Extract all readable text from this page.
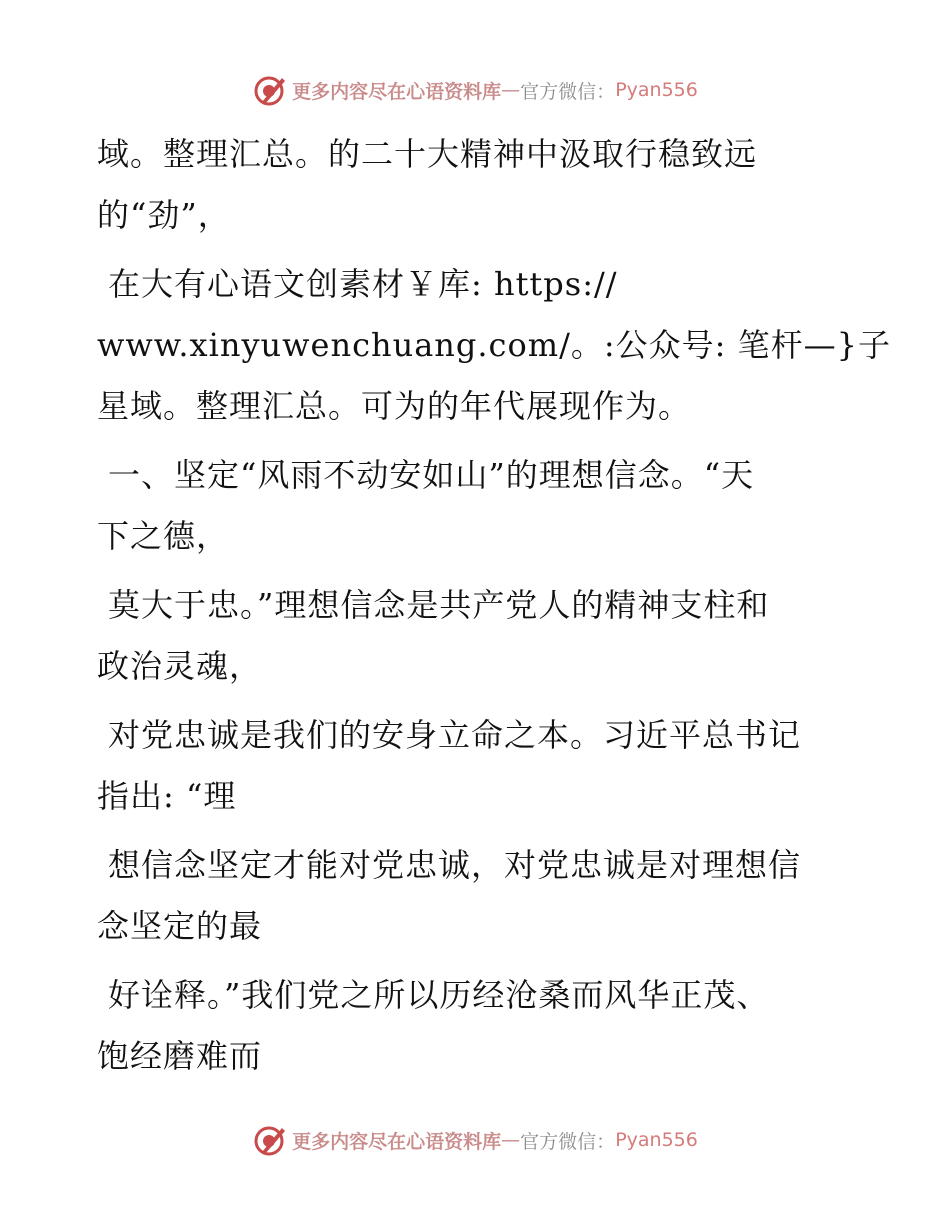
更多内容尽在心语资料库 — 官方微信： Pyan556
域。整理汇总。的二十大精神中汲取行稳致远
的“劲”，
在大有心语文创素材￥库: https://
www.xinyuwenchuang.com/。:公众号: 笔杆—}子
星域。整理汇总。可为的年代展现作为。
一、坚定“风雨不动安如山”的理想信念。“天
下之德，
莫大于忠。”理想信念是共产党人的精神支柱和
政治灵魂，
对党忠诚是我们的安身立命之本。习近平总书记
指出: “理
想信念坚定才能对党忠诚，对党忠诚是对理想信
念坚定的最
好诠释。”我们党之所以历经沧桑而风华正茂、
饱经磨难而
更多内容尽在心语资料库 — 官方微信： Pyan556
